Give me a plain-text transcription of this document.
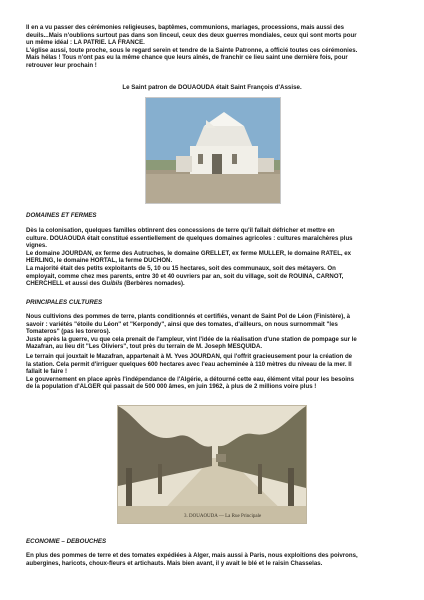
Il en a vu passer des cérémonies religieuses, baptêmes, communions, mariages, processions, mais aussi des

deuils...Mais n'oublions surtout pas dans son linceul, ceux des deux guerres mondiales, ceux qui sont morts pour

un même idéal : LA PATRIE. LA FRANCE.

L'église aussi, toute proche, sous le regard serein et tendre de la Sainte Patronne, a officié toutes ces cérémonies.

Mais hélas ! Tous n'ont pas eu la même chance que leurs aînés, de franchir ce lieu saint une dernière fois, pour

retrouver leur prochain !

Le Saint patron de DOUAOUDA était Saint François d'Assise.
DOMAINES ET FERMES

Dès la colonisation, quelques familles obtinrent des concessions de terre qu'il fallait défricher et mettre en

culture. DOUAOUDA était constitué essentiellement de quelques domaines agricoles : cultures maraîchères plus

vignes.

Le domaine JOURDAN, ex ferme des Autruches, le domaine GRELLET, ex ferme MULLER, le domaine RATEL, ex

HERLING, le domaine HORTAL, la ferme DUCHON.

La majorité était des petits exploitants de 5, 10 ou 15 hectares, soit des communaux, soit des métayers. On

employait, comme chez mes parents, entre 30 et 40 ouvriers par an, soit du village, soit de ROUINA, CARNOT,

CHERCHELL et aussi des Guibils (Berbères nomades).

PRINCIPALES CULTURES

Nous cultivions des pommes de terre, plants conditionnés et certifiés, venant de Saint Pol de Léon (Finistère), à

savoir : variétés "étoile du Léon" et "Kerpondy", ainsi que des tomates, d'ailleurs, on nous surnommait "les

Tomateros" (pas les toreros).

Juste après la guerre, vu que cela prenait de l'ampleur, vint l'idée de la réalisation d'une station de pompage sur le

Mazafran, au lieu dit "Les Oliviers", tout près du terrain de M. Joseph MESQUIDA.

Le terrain qui jouxtait le Mazafran, appartenait à M. Yves JOURDAN, qui l'offrit gracieusement pour la création de

la station. Cela permit d'irriguer quelques 600 hectares avec l'eau acheminée à 110 mètres du niveau de la mer. Il

fallait le faire !

Le gouvernement en place après l'indépendance de l'Algérie, a détourné cette eau, élément vital pour les besoins

de la population d'ALGER qui passait de 500 000 âmes, en juin 1962, à plus de 2 millions voire plus !

3. DOUAOUDA — La Rue Principale
ECONOMIE – DEBOUCHES

En plus des pommes de terre et des tomates expédiées à Alger, mais aussi à Paris, nous exploitions des poivrons,

aubergines, haricots, choux-fleurs et artichauts. Mais bien avant, il y avait le blé et le raisin Chasselas.
